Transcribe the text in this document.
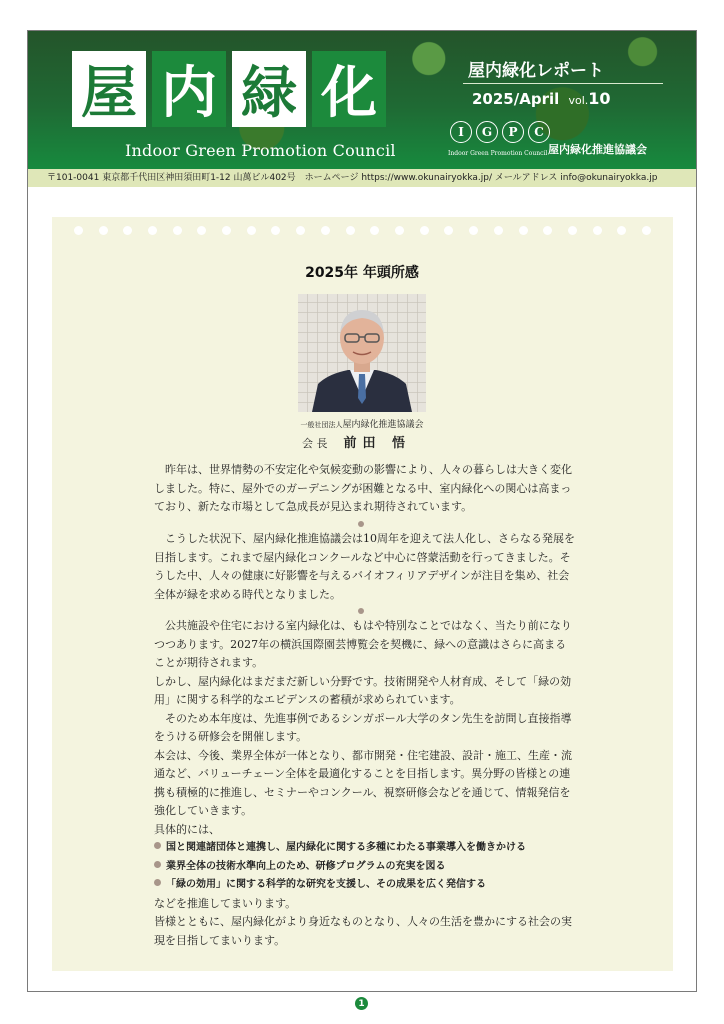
屋 内 緑 化
Indoor Green Promotion Council
屋内緑化レポート
2025/April vol.10
I	G	P	C
Indoor Green Promotion Council 屋内緑化推進協議会
〒101-0041 東京都千代田区神田須田町1-12 山萬ビル402号　ホームページ https://www.okunairyokka.jp/ メールアドレス info@okunairyokka.jp
2025年 年頭所感
一般社団法人屋内緑化推進協議会
会 長 前田 悟

昨年は、世界情勢の不安定化や気候変動の影響により、人々の暮らしは大きく変化しました。特に、屋外でのガーデニングが困難となる中、室内緑化への関心は高まっており、新たな市場として急成長が見込まれ期待されています。

こうした状況下、屋内緑化推進協議会は10周年を迎えて法人化し、さらなる発展を目指します。これまで屋内緑化コンクールなど中心に啓蒙活動を行ってきました。そうした中、人々の健康に好影響を与えるバイオフィリアデザインが注目を集め、社会全体が緑を求める時代となりました。

公共施設や住宅における室内緑化は、もはや特別なことではなく、当たり前になりつつあります。2027年の横浜国際園芸博覧会を契機に、緑への意識はさらに高まることが期待されます。

しかし、屋内緑化はまだまだ新しい分野です。技術開発や人材育成、そして「緑の効用」に関する科学的なエビデンスの蓄積が求められています。

そのため本年度は、先進事例であるシンガポール大学のタン先生を訪問し直接指導をうける研修会を開催します。

本会は、今後、業界全体が一体となり、都市開発・住宅建設、設計・施工、生産・流通など、バリューチェーン全体を最適化することを目指します。異分野の皆様との連携も積極的に推進し、セミナーやコンクール、視察研修会などを通じて、情報発信を強化していきます。

具体的には、

国と関連諸団体と連携し、屋内緑化に関する多種にわたる事業導入を働きかける

業界全体の技術水準向上のため、研修プログラムの充実を図る

「緑の効用」に関する科学的な研究を支援し、その成果を広く発信する

などを推進してまいります。

皆様とともに、屋内緑化がより身近なものとなり、人々の生活を豊かにする社会の実現を目指してまいります。

1
